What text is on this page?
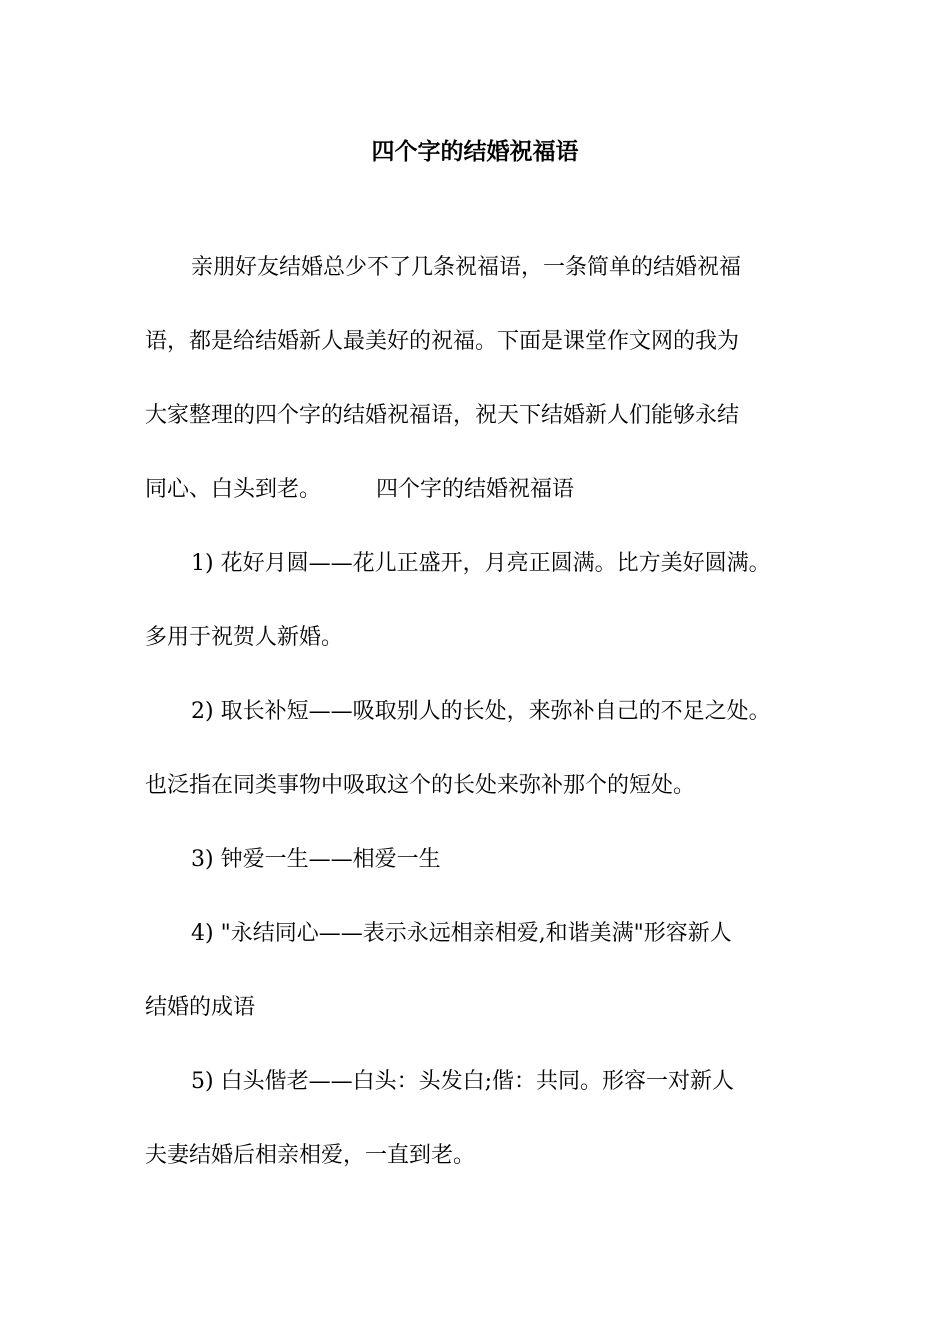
四个字的结婚祝福语
亲朋好友结婚总少不了几条祝福语，一条简单的结婚祝福
语，都是给结婚新人最美好的祝福。下面是课堂作文网的我为
大家整理的四个字的结婚祝福语，祝天下结婚新人们能够永结
同心、白头到老。　　　四个字的结婚祝福语
1) 花好月圆——花儿正盛开，月亮正圆满。比方美好圆满。
多用于祝贺人新婚。
2) 取长补短——吸取别人的长处，来弥补自己的不足之处。
也泛指在同类事物中吸取这个的长处来弥补那个的短处。
3) 钟爱一生——相爱一生
4) "永结同心——表示永远相亲相爱,和谐美满"形容新人
结婚的成语
5) 白头偕老——白头：头发白;偕：共同。形容一对新人
夫妻结婚后相亲相爱，一直到老。
